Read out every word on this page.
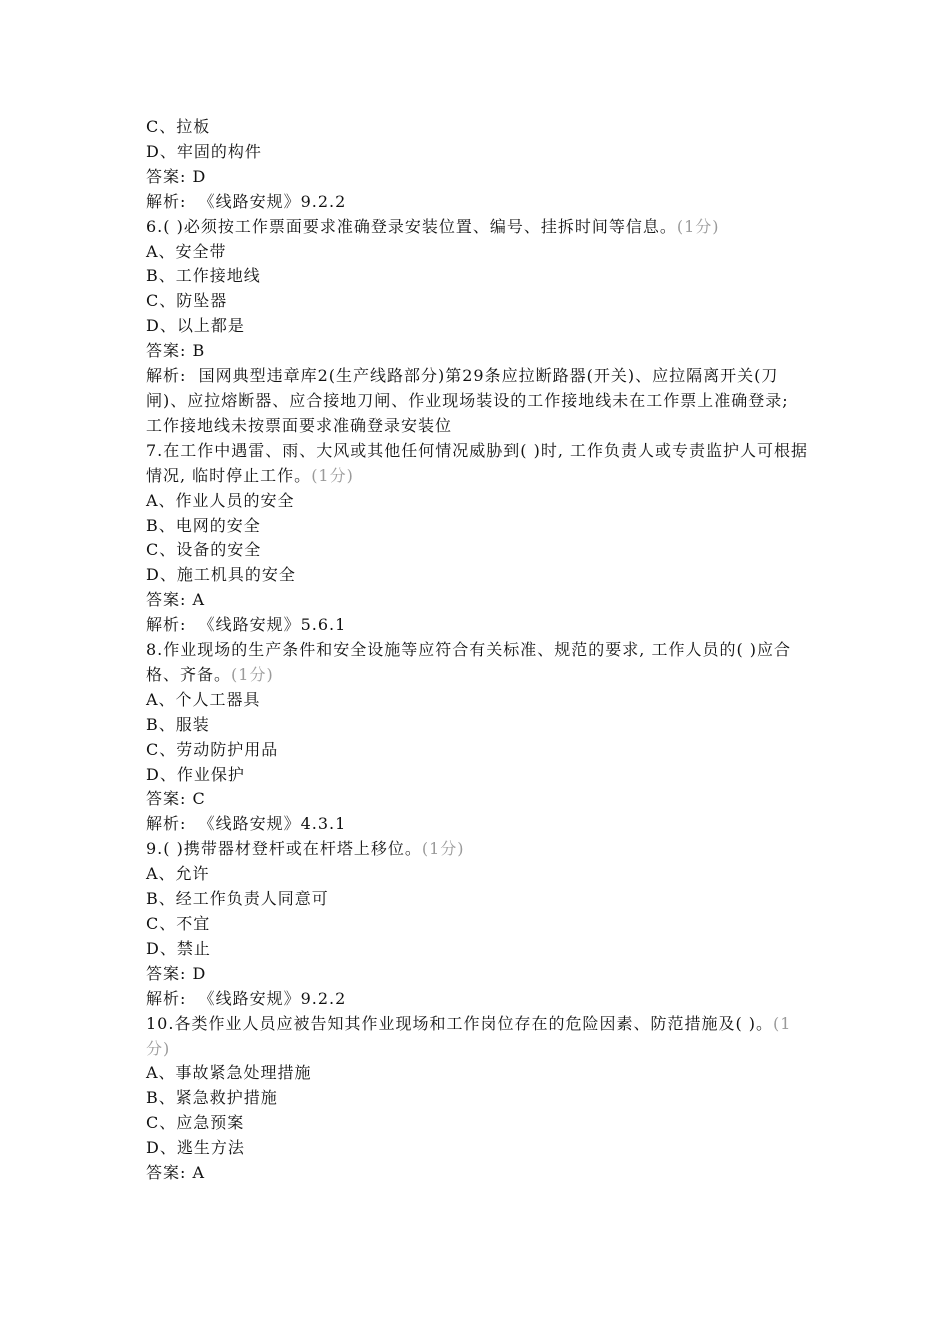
C、拉板
D、牢固的构件
答案: D
解析:  《线路安规》9.2.2
6.( )必须按工作票面要求准确登录安装位置、编号、挂拆时间等信息。(1分)
A、安全带
B、工作接地线
C、防坠器
D、以上都是
答案: B
解析:  国网典型违章库2(生产线路部分)第29条应拉断路器(开关)、应拉隔离开关(刀闸)、应拉熔断器、应合接地刀闸、作业现场装设的工作接地线未在工作票上准确登录; 工作接地线未按票面要求准确登录安装位
7.在工作中遇雷、雨、大风或其他任何情况威胁到( )时, 工作负责人或专责监护人可根据情况, 临时停止工作。(1分)
A、作业人员的安全
B、电网的安全
C、设备的安全
D、施工机具的安全
答案: A
解析:  《线路安规》5.6.1
8.作业现场的生产条件和安全设施等应符合有关标准、规范的要求, 工作人员的( )应合格、齐备。(1分)
A、个人工器具
B、服装
C、劳动防护用品
D、作业保护
答案: C
解析:  《线路安规》4.3.1
9.( )携带器材登杆或在杆塔上移位。(1分)
A、允许
B、经工作负责人同意可
C、不宜
D、禁止
答案: D
解析:  《线路安规》9.2.2
10.各类作业人员应被告知其作业现场和工作岗位存在的危险因素、防范措施及( )。(1分)
A、事故紧急处理措施
B、紧急救护措施
C、应急预案
D、逃生方法
答案: A
